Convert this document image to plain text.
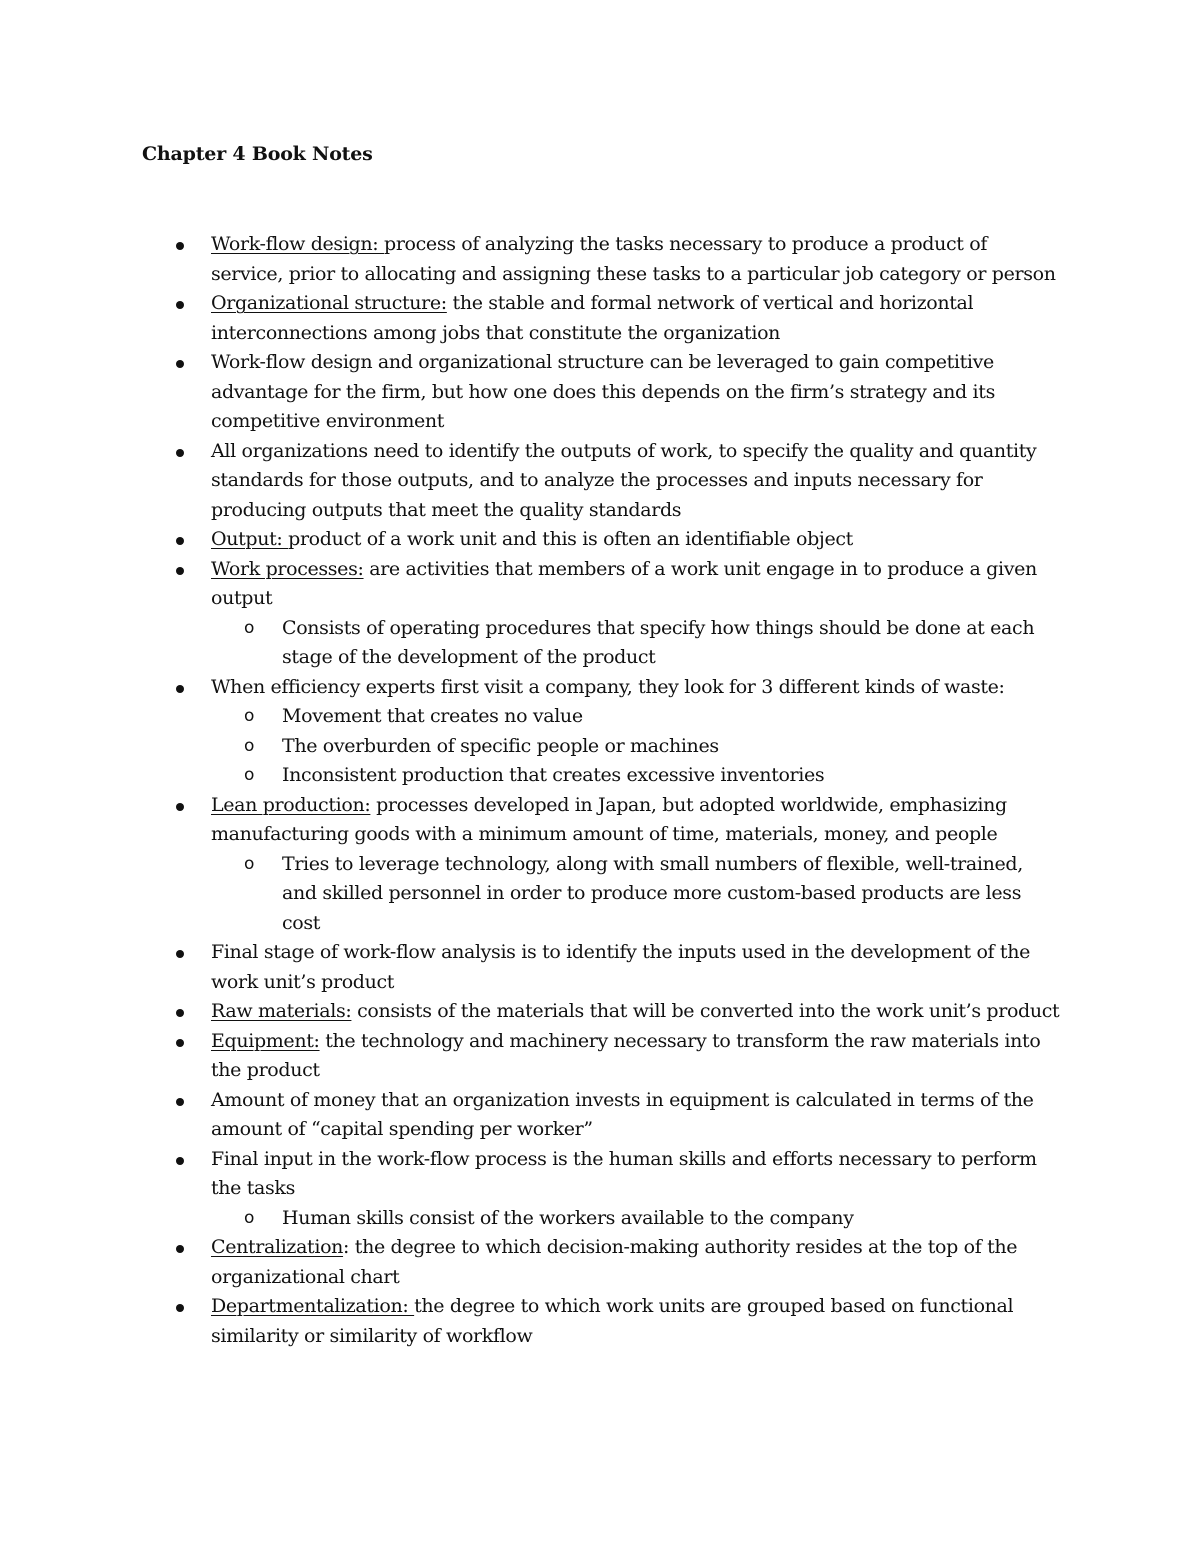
Chapter 4 Book Notes
Work-flow design: process of analyzing the tasks necessary to produce a product of service, prior to allocating and assigning these tasks to a particular job category or person
Organizational structure: the stable and formal network of vertical and horizontal interconnections among jobs that constitute the organization
Work-flow design and organizational structure can be leveraged to gain competitive advantage for the firm, but how one does this depends on the firm’s strategy and its competitive environment
All organizations need to identify the outputs of work, to specify the quality and quantity standards for those outputs, and to analyze the processes and inputs necessary for producing outputs that meet the quality standards
Output: product of a work unit and this is often an identifiable object
Work processes: are activities that members of a work unit engage in to produce a given output
o Consists of operating procedures that specify how things should be done at each stage of the development of the product
When efficiency experts first visit a company, they look for 3 different kinds of waste:
o Movement that creates no value
o The overburden of specific people or machines
o Inconsistent production that creates excessive inventories
Lean production: processes developed in Japan, but adopted worldwide, emphasizing manufacturing goods with a minimum amount of time, materials, money, and people
o Tries to leverage technology, along with small numbers of flexible, well-trained, and skilled personnel in order to produce more custom-based products are less cost
Final stage of work-flow analysis is to identify the inputs used in the development of the work unit’s product
Raw materials: consists of the materials that will be converted into the work unit’s product
Equipment: the technology and machinery necessary to transform the raw materials into the product
Amount of money that an organization invests in equipment is calculated in terms of the amount of “capital spending per worker”
Final input in the work-flow process is the human skills and efforts necessary to perform the tasks
o Human skills consist of the workers available to the company
Centralization: the degree to which decision-making authority resides at the top of the organizational chart
Departmentalization: the degree to which work units are grouped based on functional similarity or similarity of workflow
